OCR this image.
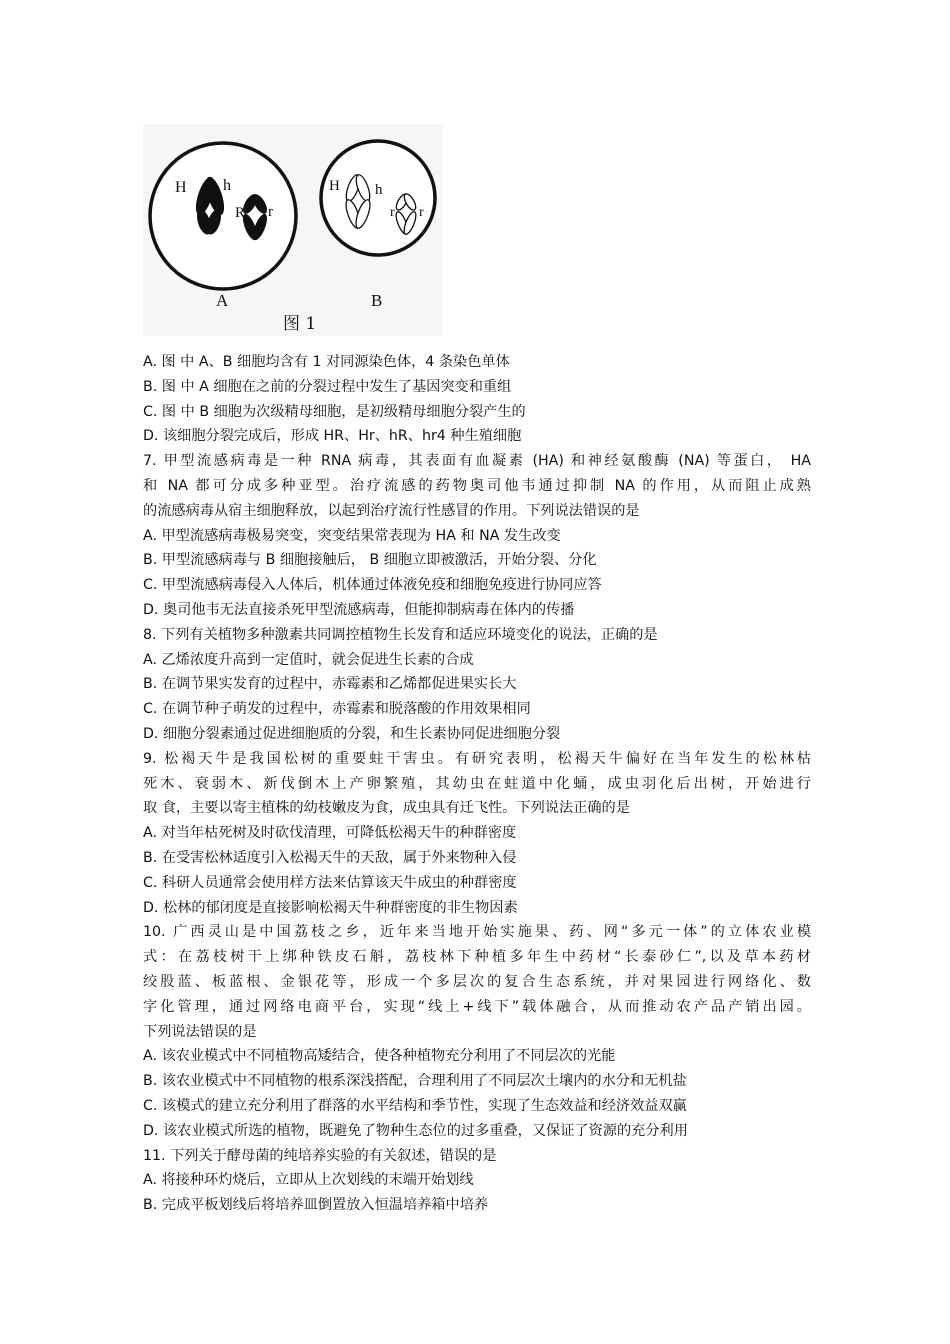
H h
R r
H h
r r
A	B
图 1
A. 图 中 A、B 细胞均含有 1 对同源染色体，4 条染色单体
B. 图 中 A 细胞在之前的分裂过程中发生了基因突变和重组
C. 图 中 B 细胞为次级精母细胞，是初级精母细胞分裂产生的
D. 该细胞分裂完成后，形成 HR、Hr、hR、hr4 种生殖细胞
7. 甲型流感病毒是一种 RNA 病毒，其表面有血凝素 (HA) 和神经氨酸酶 (NA) 等蛋白， HA
和 NA 都可分成多种亚型。治疗流感的药物奥司他韦通过抑制 NA 的作用，从而阻止成熟
的流感病毒从宿主细胞释放，以起到治疗流行性感冒的作用。下列说法错误的是
A. 甲型流感病毒极易突变，突变结果常表现为 HA 和 NA 发生改变
B. 甲型流感病毒与 B 细胞接触后， B 细胞立即被激活，开始分裂、分化
C. 甲型流感病毒侵入人体后，机体通过体液免疫和细胞免疫进行协同应答
D. 奥司他韦无法直接杀死甲型流感病毒，但能抑制病毒在体内的传播
8. 下列有关植物多种激素共同调控植物生长发育和适应环境变化的说法，正确的是
A. 乙烯浓度升高到一定值时，就会促进生长素的合成
B. 在调节果实发育的过程中，赤霉素和乙烯都促进果实长大
C. 在调节种子萌发的过程中，赤霉素和脱落酸的作用效果相同
D. 细胞分裂素通过促进细胞质的分裂，和生长素协同促进细胞分裂
9. 松褐天牛是我国松树的重要蛀干害虫。有研究表明，松褐天牛偏好在当年发生的松林枯
死木、衰弱木、新伐倒木上产卵繁殖，其幼虫在蛀道中化蛹，成虫羽化后出树，开始进行
取 食，主要以寄主植株的幼枝嫩皮为食，成虫具有迁飞性。下列说法正确的是
A. 对当年枯死树及时砍伐清理，可降低松褐天牛的种群密度
B. 在受害松林适度引入松褐天牛的天敌，属于外来物种入侵
C. 科研人员通常会使用样方法来估算该天牛成虫的种群密度
D. 松林的郁闭度是直接影响松褐天牛种群密度的非生物因素
10. 广西灵山是中国荔枝之乡，近年来当地开始实施果、药、网“多元一体”的立体农业模
式：在荔枝树干上绑种铁皮石斛，荔枝林下种植多年生中药材“长泰砂仁”,以及草本药材
绞股蓝、板蓝根、金银花等，形成一个多层次的复合生态系统，并对果园进行网络化、数
字化管理，通过网络电商平台，实现“线上+线下”载体融合，从而推动农产品产销出园。
下列说法错误的是
A. 该农业模式中不同植物高矮结合，使各种植物充分利用了不同层次的光能
B. 该农业模式中不同植物的根系深浅搭配，合理利用了不同层次土壤内的水分和无机盐
C. 该模式的建立充分利用了群落的水平结构和季节性，实现了生态效益和经济效益双赢
D. 该农业模式所选的植物，既避免了物种生态位的过多重叠，又保证了资源的充分利用
11. 下列关于酵母菌的纯培养实验的有关叙述，错误的是
A. 将接种环灼烧后，立即从上次划线的末端开始划线
B. 完成平板划线后将培养皿倒置放入恒温培养箱中培养
